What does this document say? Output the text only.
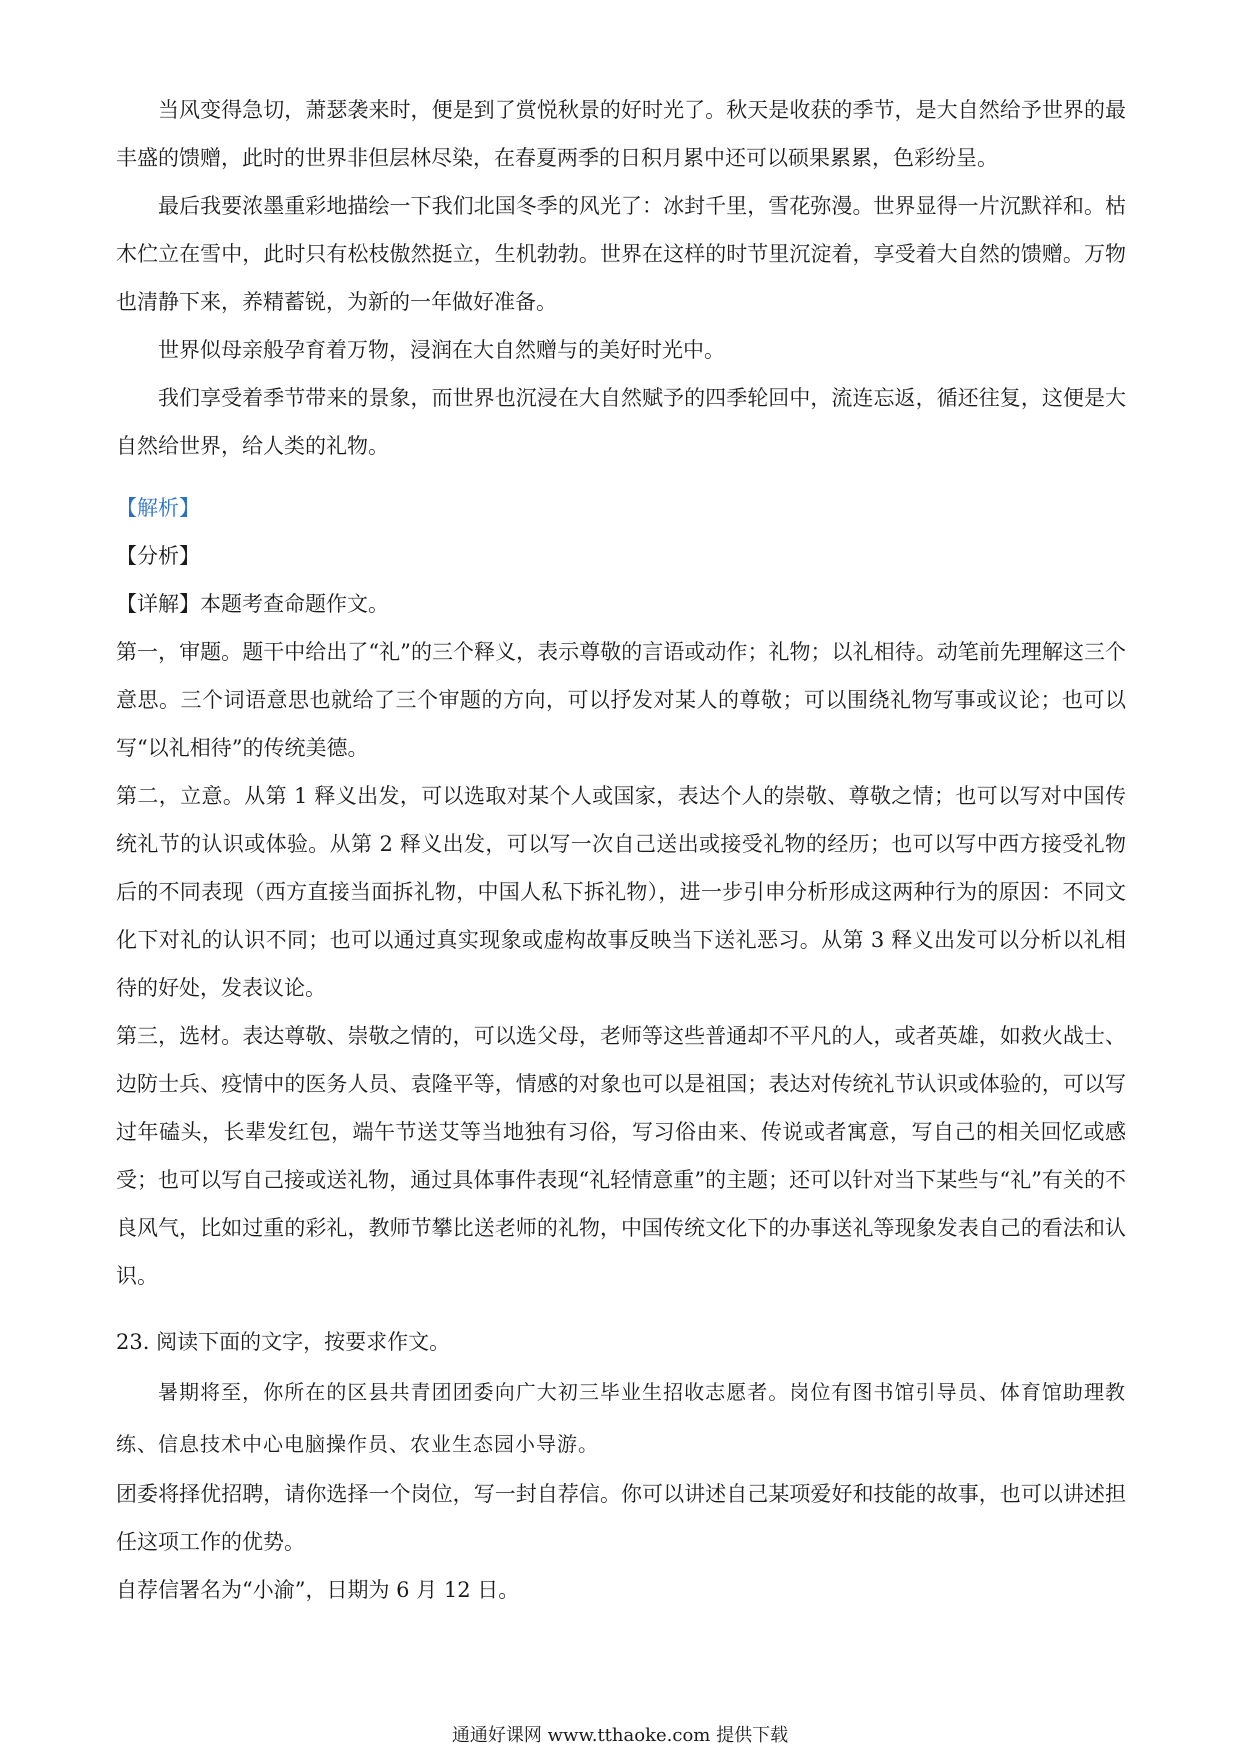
当风变得急切，萧瑟袭来时，便是到了赏悦秋景的好时光了。秋天是收获的季节，是大自然给予世界的最丰盛的馈赠，此时的世界非但层林尽染，在春夏两季的日积月累中还可以硕果累累，色彩纷呈。

最后我要浓墨重彩地描绘一下我们北国冬季的风光了：冰封千里，雪花弥漫。世界显得一片沉默祥和。枯木伫立在雪中，此时只有松枝傲然挺立，生机勃勃。世界在这样的时节里沉淀着，享受着大自然的馈赠。万物也清静下来，养精蓄锐，为新的一年做好准备。

世界似母亲般孕育着万物，浸润在大自然赠与的美好时光中。

我们享受着季节带来的景象，而世界也沉浸在大自然赋予的四季轮回中，流连忘返，循还往复，这便是大自然给世界，给人类的礼物。

【解析】

【分析】

【详解】本题考查命题作文。

第一，审题。题干中给出了“礼”的三个释义，表示尊敬的言语或动作；礼物；以礼相待。动笔前先理解这三个意思。三个词语意思也就给了三个审题的方向，可以抒发对某人的尊敬；可以围绕礼物写事或议论；也可以写“以礼相待”的传统美德。

第二，立意。从第 1 释义出发，可以选取对某个人或国家，表达个人的崇敬、尊敬之情；也可以写对中国传统礼节的认识或体验。从第 2 释义出发，可以写一次自己送出或接受礼物的经历；也可以写中西方接受礼物后的不同表现（西方直接当面拆礼物，中国人私下拆礼物），进一步引申分析形成这两种行为的原因：不同文化下对礼的认识不同；也可以通过真实现象或虚构故事反映当下送礼恶习。从第 3 释义出发可以分析以礼相待的好处，发表议论。

第三，选材。表达尊敬、崇敬之情的，可以选父母，老师等这些普通却不平凡的人，或者英雄，如救火战士、边防士兵、疫情中的医务人员、袁隆平等，情感的对象也可以是祖国；表达对传统礼节认识或体验的，可以写过年磕头，长辈发红包，端午节送艾等当地独有习俗，写习俗由来、传说或者寓意，写自己的相关回忆或感受；也可以写自己接或送礼物，通过具体事件表现“礼轻情意重”的主题；还可以针对当下某些与“礼”有关的不良风气，比如过重的彩礼，教师节攀比送老师的礼物，中国传统文化下的办事送礼等现象发表自己的看法和认识。

23. 阅读下面的文字，按要求作文。

暑期将至，你所在的区县共青团团委向广大初三毕业生招收志愿者。岗位有图书馆引导员、体育馆助理教练、信息技术中心电脑操作员、农业生态园小导游。

团委将择优招聘，请你选择一个岗位，写一封自荐信。你可以讲述自己某项爱好和技能的故事，也可以讲述担任这项工作的优势。

自荐信署名为“小渝”，日期为 6 月 12 日。

通通好课网 www.tthaoke.com 提供下载
